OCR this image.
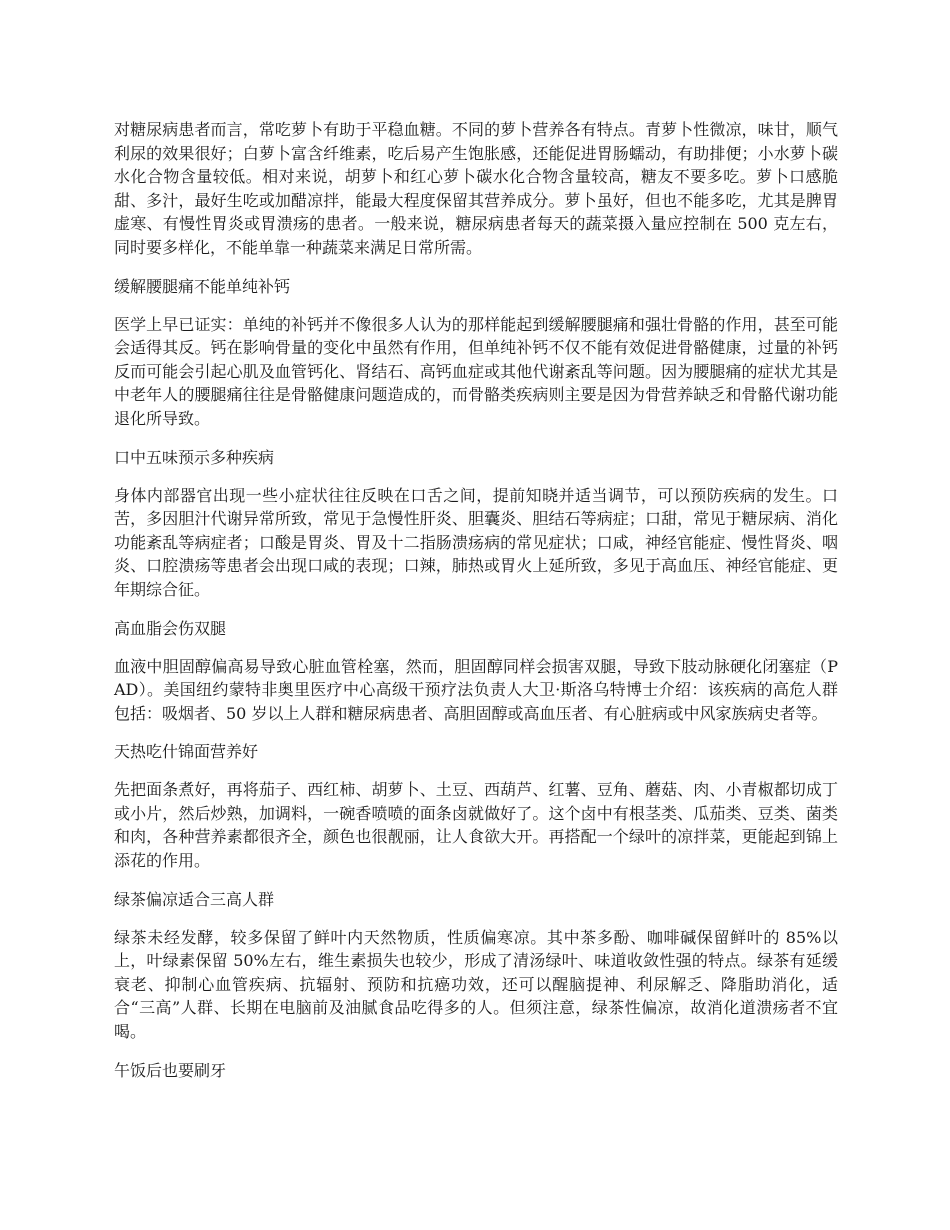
对糖尿病患者而言，常吃萝卜有助于平稳血糖。不同的萝卜营养各有特点。青萝卜性微凉，味甘，顺气利尿的效果很好；白萝卜富含纤维素，吃后易产生饱胀感，还能促进胃肠蠕动，有助排便；小水萝卜碳水化合物含量较低。相对来说，胡萝卜和红心萝卜碳水化合物含量较高，糖友不要多吃。萝卜口感脆甜、多汁，最好生吃或加醋凉拌，能最大程度保留其营养成分。萝卜虽好，但也不能多吃，尤其是脾胃虚寒、有慢性胃炎或胃溃疡的患者。一般来说，糖尿病患者每天的蔬菜摄入量应控制在 500 克左右，同时要多样化，不能单靠一种蔬菜来满足日常所需。

缓解腰腿痛不能单纯补钙

医学上早已证实：单纯的补钙并不像很多人认为的那样能起到缓解腰腿痛和强壮骨骼的作用，甚至可能会适得其反。钙在影响骨量的变化中虽然有作用，但单纯补钙不仅不能有效促进骨骼健康，过量的补钙反而可能会引起心肌及血管钙化、肾结石、高钙血症或其他代谢紊乱等问题。因为腰腿痛的症状尤其是中老年人的腰腿痛往往是骨骼健康问题造成的，而骨骼类疾病则主要是因为骨营养缺乏和骨骼代谢功能退化所导致。

口中五味预示多种疾病

身体内部器官出现一些小症状往往反映在口舌之间，提前知晓并适当调节，可以预防疾病的发生。口苦，多因胆汁代谢异常所致，常见于急慢性肝炎、胆囊炎、胆结石等病症；口甜，常见于糖尿病、消化功能紊乱等病症者；口酸是胃炎、胃及十二指肠溃疡病的常见症状；口咸，神经官能症、慢性肾炎、咽炎、口腔溃疡等患者会出现口咸的表现；口辣，肺热或胃火上延所致，多见于高血压、神经官能症、更年期综合征。

高血脂会伤双腿

血液中胆固醇偏高易导致心脏血管栓塞，然而，胆固醇同样会损害双腿，导致下肢动脉硬化闭塞症（PAD）。美国纽约蒙特非奥里医疗中心高级干预疗法负责人大卫·斯洛乌特博士介绍：该疾病的高危人群包括：吸烟者、50 岁以上人群和糖尿病患者、高胆固醇或高血压者、有心脏病或中风家族病史者等。

天热吃什锦面营养好

先把面条煮好，再将茄子、西红柿、胡萝卜、土豆、西葫芦、红薯、豆角、蘑菇、肉、小青椒都切成丁或小片，然后炒熟，加调料，一碗香喷喷的面条卤就做好了。这个卤中有根茎类、瓜茄类、豆类、菌类和肉，各种营养素都很齐全，颜色也很靓丽，让人食欲大开。再搭配一个绿叶的凉拌菜，更能起到锦上添花的作用。

绿茶偏凉适合三高人群

绿茶未经发酵，较多保留了鲜叶内天然物质，性质偏寒凉。其中茶多酚、咖啡碱保留鲜叶的 85%以上，叶绿素保留 50%左右，维生素损失也较少，形成了清汤绿叶、味道收敛性强的特点。绿茶有延缓衰老、抑制心血管疾病、抗辐射、预防和抗癌功效，还可以醒脑提神、利尿解乏、降脂助消化，适合“三高”人群、长期在电脑前及油腻食品吃得多的人。但须注意，绿茶性偏凉，故消化道溃疡者不宜喝。

午饭后也要刷牙
